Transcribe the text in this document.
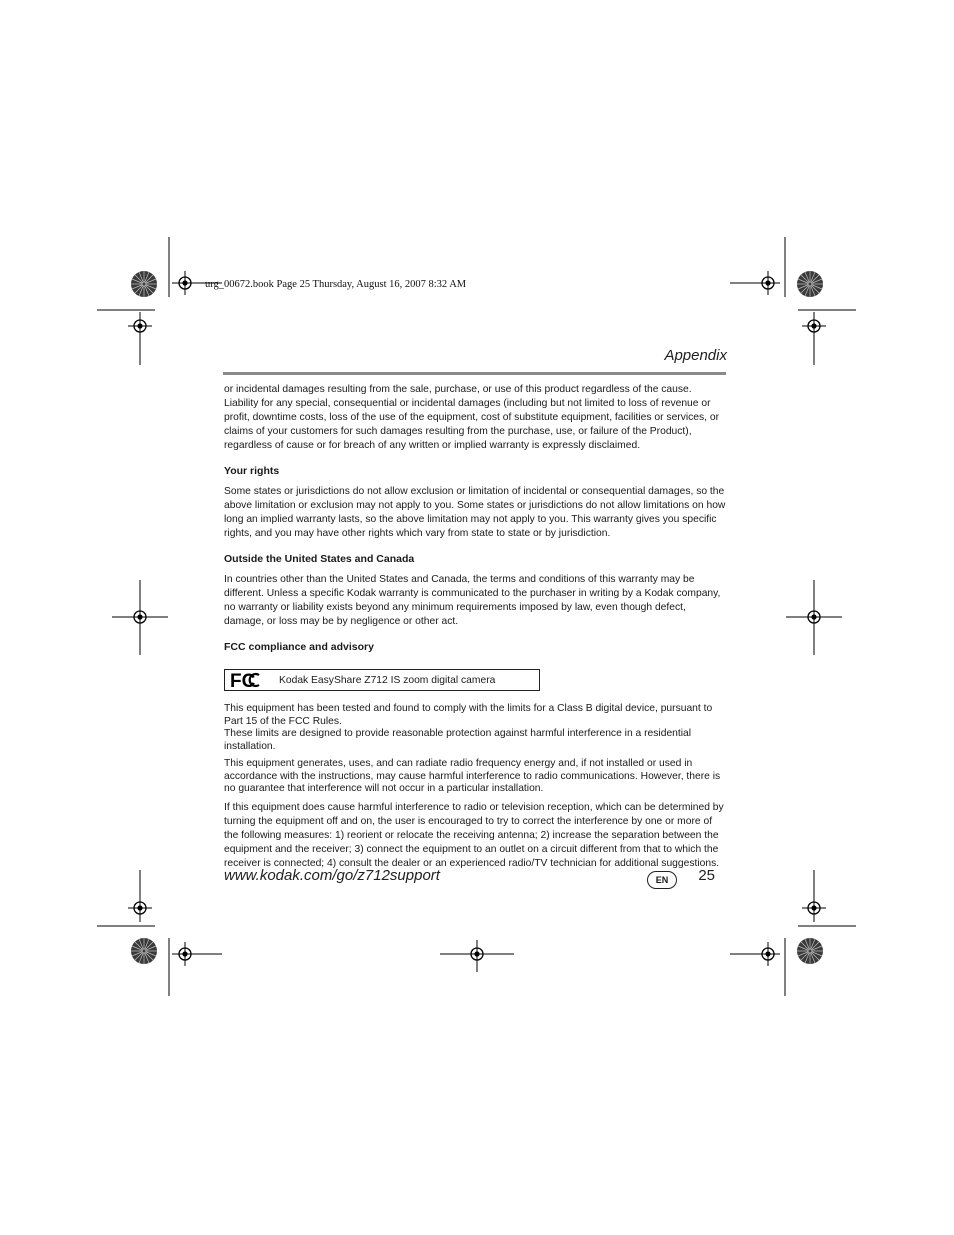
urg_00672.book Page 25 Thursday, August 16, 2007 8:32 AM
Appendix

or incidental damages resulting from the sale, purchase, or use of this product regardless of the cause. Liability for any special, consequential or incidental damages (including but not limited to loss of revenue or profit, downtime costs, loss of the use of the equipment, cost of substitute equipment, facilities or services, or claims of your customers for such damages resulting from the purchase, use, or failure of the Product), regardless of cause or for breach of any written or implied warranty is expressly disclaimed.

Your rights

Some states or jurisdictions do not allow exclusion or limitation of incidental or consequential damages, so the above limitation or exclusion may not apply to you. Some states or jurisdictions do not allow limitations on how long an implied warranty lasts, so the above limitation may not apply to you. This warranty gives you specific rights, and you may have other rights which vary from state to state or by jurisdiction.

Outside the United States and Canada

In countries other than the United States and Canada, the terms and conditions of this warranty may be different. Unless a specific Kodak warranty is communicated to the purchaser in writing by a Kodak company, no warranty or liability exists beyond any minimum requirements imposed by law, even though defect, damage, or loss may be by negligence or other act.

FCC compliance and advisory

FC Kodak EasyShare Z712 IS zoom digital camera

This equipment has been tested and found to comply with the limits for a Class B digital device, pursuant to Part 15 of the FCC Rules.

These limits are designed to provide reasonable protection against harmful interference in a residential installation.

This equipment generates, uses, and can radiate radio frequency energy and, if not installed or used in accordance with the instructions, may cause harmful interference to radio communications. However, there is no guarantee that interference will not occur in a particular installation.

If this equipment does cause harmful interference to radio or television reception, which can be determined by turning the equipment off and on, the user is encouraged to try to correct the interference by one or more of the following measures: 1) reorient or relocate the receiving antenna; 2) increase the separation between the equipment and the receiver; 3) connect the equipment to an outlet on a circuit different from that to which the receiver is connected; 4) consult the dealer or an experienced radio/TV technician for additional suggestions.

www.kodak.com/go/z712support	EN	25
